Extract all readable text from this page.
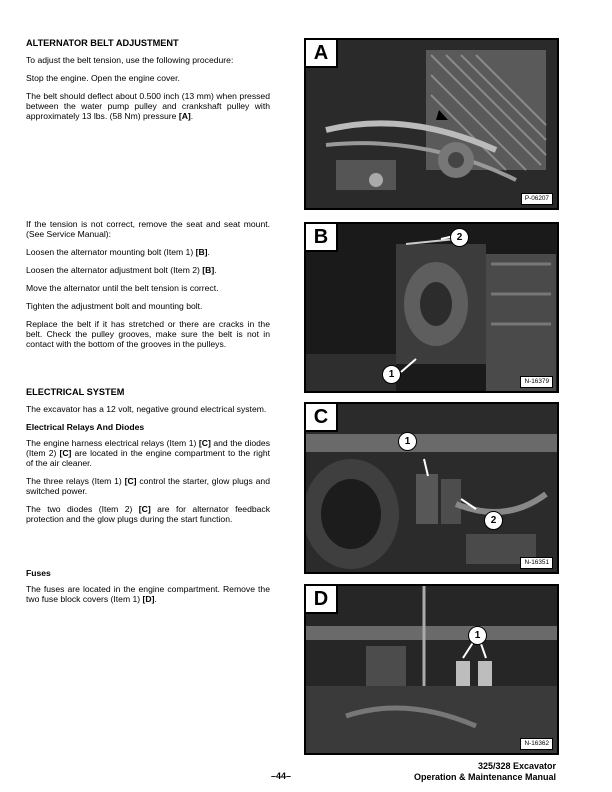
ALTERNATOR BELT ADJUSTMENT

To adjust the belt tension, use the following procedure:

Stop the engine. Open the engine cover.

The belt should deflect about 0.500 inch (13 mm) when pressed between the water pump pulley and crankshaft pulley with approximately 13 lbs. (58 Nm) pressure [A].

If the tension is not correct, remove the seat and seat mount. (See Service Manual):

Loosen the alternator mounting bolt (Item 1) [B].

Loosen the alternator adjustment bolt (Item 2) [B].

Move the alternator until the belt tension is correct.

Tighten the adjustment bolt and mounting bolt.

Replace the belt if it has stretched or there are cracks in the belt. Check the pulley grooves, make sure the belt is not in contact with the bottom of the grooves in the pulleys.

ELECTRICAL SYSTEM

The excavator has a 12 volt, negative ground electrical system.

Electrical Relays And Diodes

The engine harness electrical relays (Item 1) [C] and the diodes (Item 2) [C] are located in the engine compartment to the right of the air cleaner.

The three relays (Item 1) [C] control the starter, glow plugs and switched power.

The two diodes (Item 2) [C] are for alternator feedback protection and the glow plugs during the start function.

Fuses

The fuses are located in the engine compartment. Remove the two fuse block covers (Item 1) [D].

A
P-06207
B	2
1
N-16379
C
1
2
N-16351
D
1
N-16362
–44–
325/328 Excavator
Operation & Maintenance Manual
